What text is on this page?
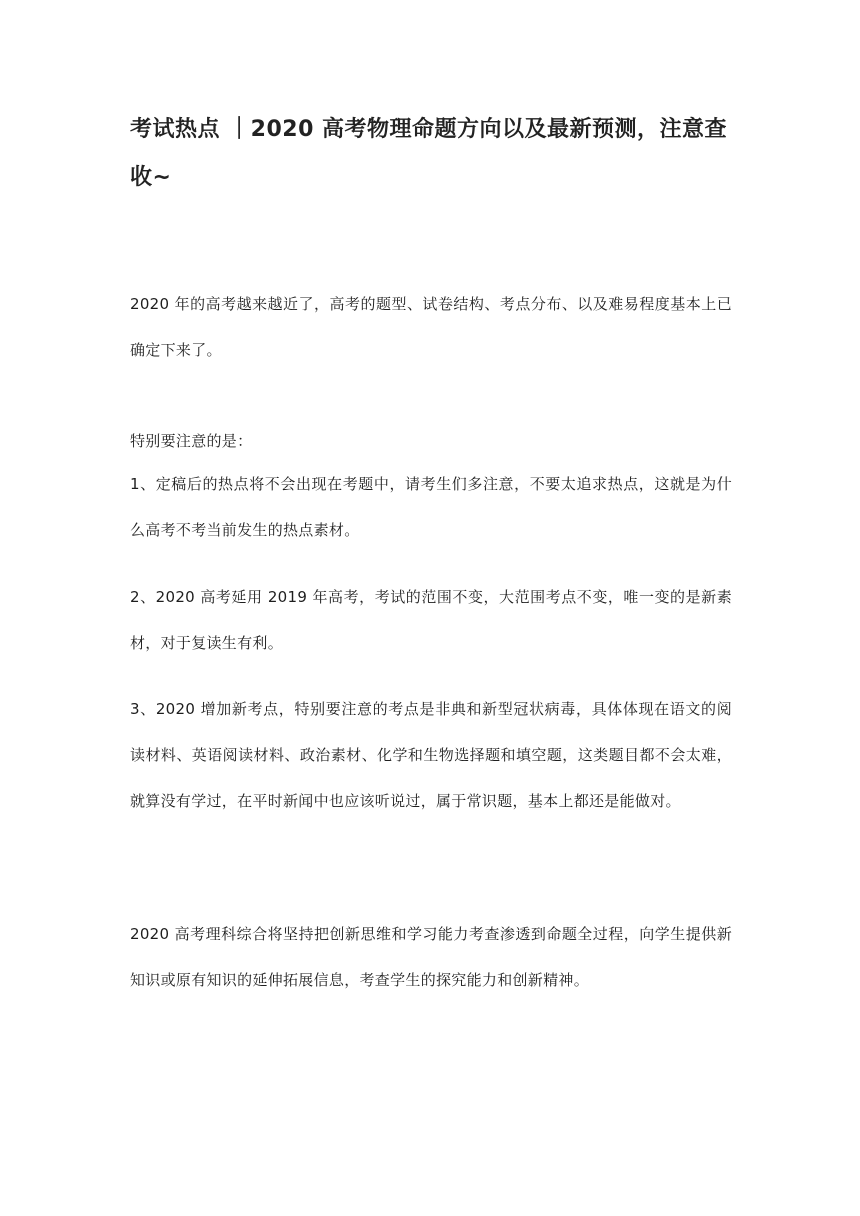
考试热点 ｜2020 高考物理命题方向以及最新预测，注意查收~

2020 年的高考越来越近了，高考的题型、试卷结构、考点分布、以及难易程度基本上已确定下来了。

特别要注意的是：

1、定稿后的热点将不会出现在考题中，请考生们多注意，不要太追求热点，这就是为什么高考不考当前发生的热点素材。

2、2020 高考延用 2019 年高考，考试的范围不变，大范围考点不变，唯一变的是新素材，对于复读生有利。

3、2020 增加新考点，特别要注意的考点是非典和新型冠状病毒，具体体现在语文的阅读材料、英语阅读材料、政治素材、化学和生物选择题和填空题，这类题目都不会太难，就算没有学过，在平时新闻中也应该听说过，属于常识题，基本上都还是能做对。

2020 高考理科综合将坚持把创新思维和学习能力考查渗透到命题全过程，向学生提供新知识或原有知识的延伸拓展信息，考查学生的探究能力和创新精神。
